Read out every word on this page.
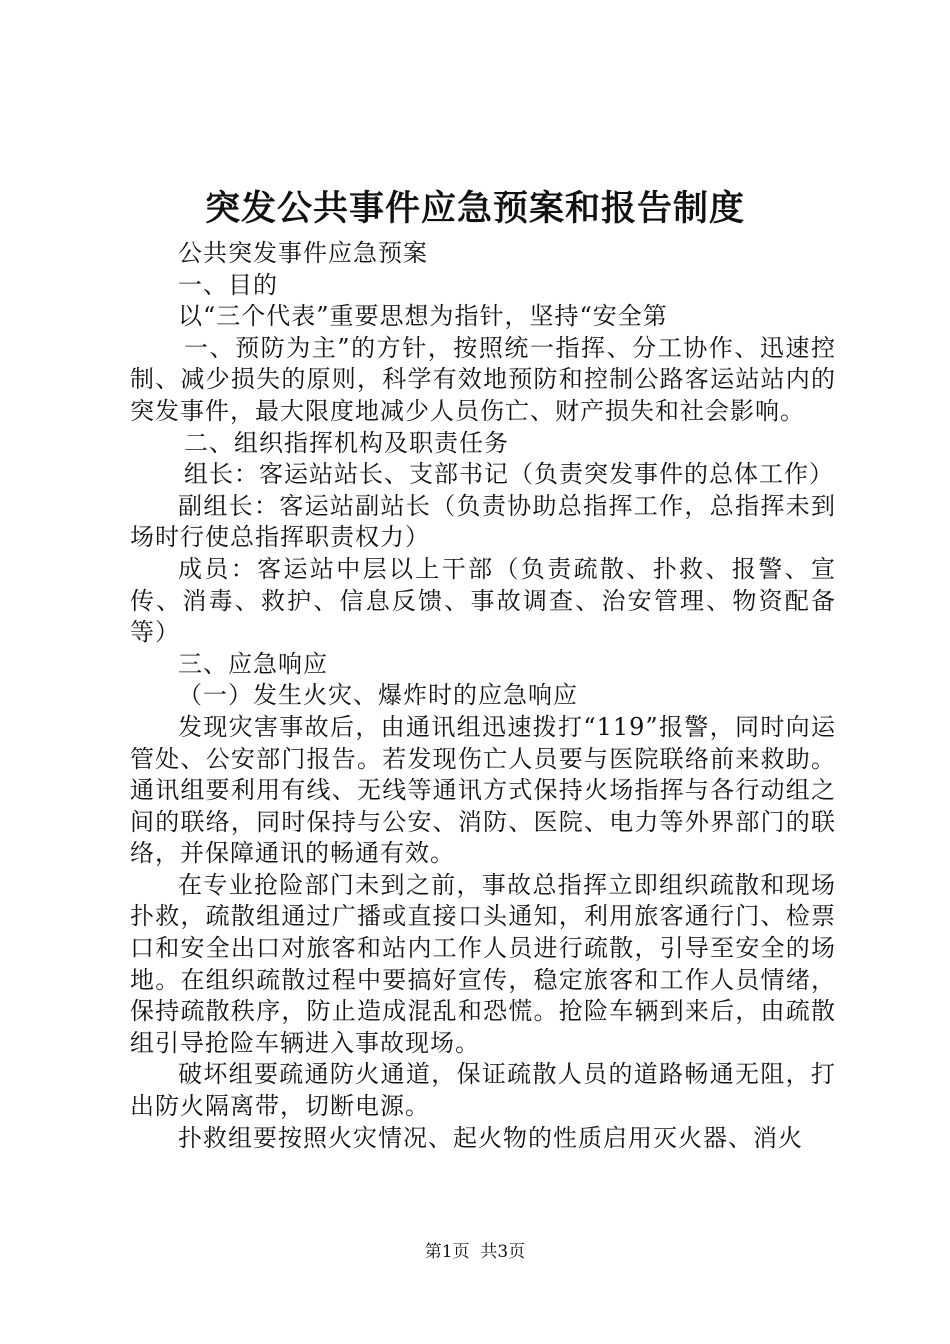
突发公共事件应急预案和报告制度

公共突发事件应急预案

一、目的

以“三个代表”重要思想为指针，坚持“安全第

一、预防为主”的方针，按照统一指挥、分工协作、迅速控制、减少损失的原则，科学有效地预防和控制公路客运站站内的突发事件，最大限度地减少人员伤亡、财产损失和社会影响。

二、组织指挥机构及职责任务

组长：客运站站长、支部书记（负责突发事件的总体工作）

副组长：客运站副站长（负责协助总指挥工作，总指挥未到场时行使总指挥职责权力）

成员：客运站中层以上干部（负责疏散、扑救、报警、宣传、消毒、救护、信息反馈、事故调查、治安管理、物资配备等）

三、应急响应

（一）发生火灾、爆炸时的应急响应

发现灾害事故后，由通讯组迅速拨打“119”报警，同时向运管处、公安部门报告。若发现伤亡人员要与医院联络前来救助。通讯组要利用有线、无线等通讯方式保持火场指挥与各行动组之间的联络，同时保持与公安、消防、医院、电力等外界部门的联络，并保障通讯的畅通有效。

在专业抢险部门未到之前，事故总指挥立即组织疏散和现场扑救，疏散组通过广播或直接口头通知，利用旅客通行门、检票口和安全出口对旅客和站内工作人员进行疏散，引导至安全的场地。在组织疏散过程中要搞好宣传，稳定旅客和工作人员情绪，保持疏散秩序，防止造成混乱和恐慌。抢险车辆到来后，由疏散组引导抢险车辆进入事故现场。

破坏组要疏通防火通道，保证疏散人员的道路畅通无阻，打出防火隔离带，切断电源。

扑救组要按照火灾情况、起火物的性质启用灭火器、消火

第1页  共3页
